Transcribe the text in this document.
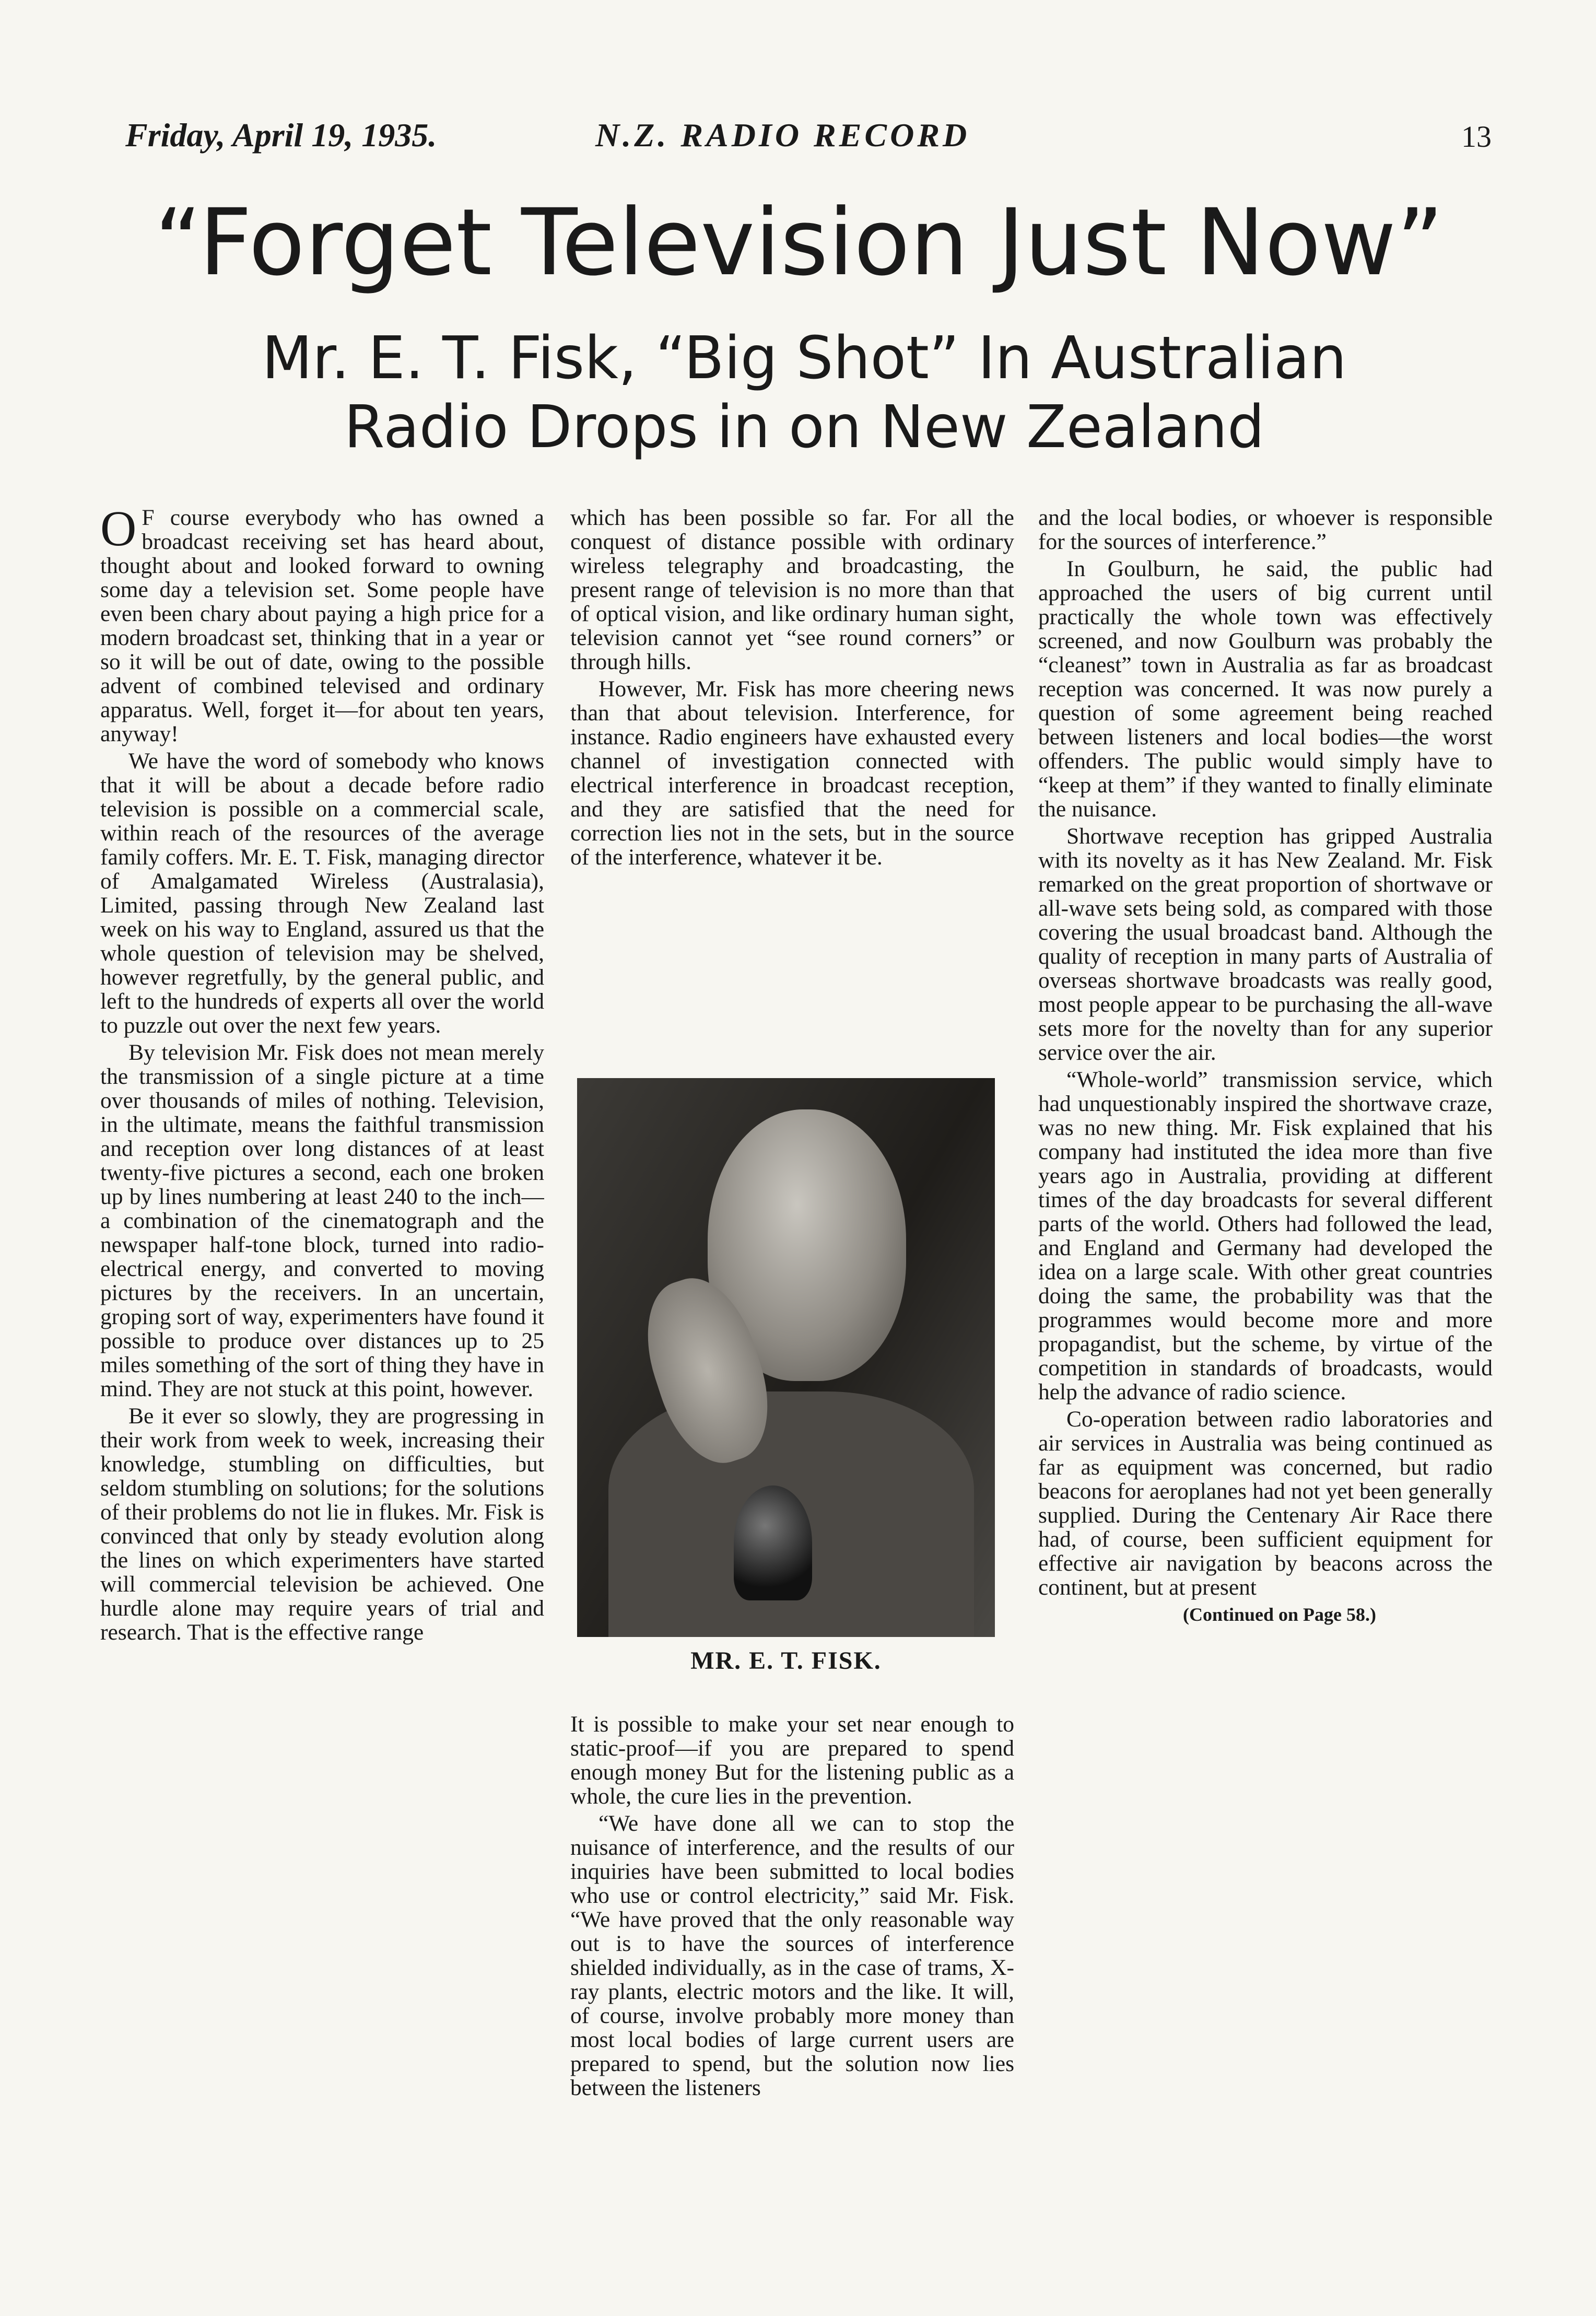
Friday, April 19, 1935.	N.Z. RADIO RECORD	13
“Forget Television Just Now”
Mr. E. T. Fisk, “Big Shot” In Australian
Radio Drops in on New Zealand

O F course everybody who has owned a broadcast receiving set has heard about, thought about and looked forward to owning some day a television set. Some people have even been chary about paying a high price for a modern broadcast set, thinking that in a year or so it will be out of date, owing to the possible advent of combined televised and ordinary apparatus. Well, forget it—for about ten years, anyway!

We have the word of somebody who knows that it will be about a decade before radio television is possible on a commercial scale, within reach of the resources of the average family coffers. Mr. E. T. Fisk, managing director of Amalgamated Wireless (Australasia), Limited, passing through New Zealand last week on his way to England, assured us that the whole question of television may be shelved, however regretfully, by the general public, and left to the hundreds of experts all over the world to puzzle out over the next few years.

By television Mr. Fisk does not mean merely the transmission of a single picture at a time over thousands of miles of nothing. Television, in the ultimate, means the faithful transmission and reception over long distances of at least twenty-five pictures a second, each one broken up by lines numbering at least 240 to the inch—a combination of the cinematograph and the newspaper half-tone block, turned into radio-electrical energy, and converted to moving pictures by the receivers. In an uncertain, groping sort of way, experimenters have found it possible to produce over distances up to 25 miles something of the sort of thing they have in mind. They are not stuck at this point, however.

Be it ever so slowly, they are progressing in their work from week to week, increasing their knowledge, stumbling on difficulties, but seldom stumbling on solutions; for the solutions of their problems do not lie in flukes. Mr. Fisk is convinced that only by steady evolution along the lines on which experimenters have started will commercial television be achieved. One hurdle alone may require years of trial and research. That is the effective range

which has been possible so far. For all the conquest of distance possible with ordinary wireless telegraphy and broadcasting, the present range of television is no more than that of optical vision, and like ordinary human sight, television cannot yet “see round corners” or through hills.

However, Mr. Fisk has more cheering news than that about television. Interference, for instance. Radio engineers have exhausted every channel of investigation connected with electrical interference in broadcast reception, and they are satisfied that the need for correction lies not in the sets, but in the source of the interference, whatever it be.

It is possible to make your set near enough to static-proof—if you are prepared to spend enough money But for the listening public as a whole, the cure lies in the prevention.

“We have done all we can to stop the nuisance of interference, and the results of our inquiries have been submitted to local bodies who use or control electricity,” said Mr. Fisk. “We have proved that the only reasonable way out is to have the sources of interference shielded individually, as in the case of trams, X-ray plants, electric motors and the like. It will, of course, involve probably more money than most local bodies of large current users are prepared to spend, but the solution now lies between the listeners

MR. E. T. FISK.

and the local bodies, or whoever is responsible for the sources of interference.”

In Goulburn, he said, the public had approached the users of big current until practically the whole town was effectively screened, and now Goulburn was probably the “cleanest” town in Australia as far as broadcast reception was concerned. It was now purely a question of some agreement being reached between listeners and local bodies—the worst offenders. The public would simply have to “keep at them” if they wanted to finally eliminate the nuisance.

Shortwave reception has gripped Australia with its novelty as it has New Zealand. Mr. Fisk remarked on the great proportion of shortwave or all-wave sets being sold, as compared with those covering the usual broadcast band. Although the quality of reception in many parts of Australia of overseas shortwave broadcasts was really good, most people appear to be purchasing the all-wave sets more for the novelty than for any superior service over the air.

“Whole-world” transmission service, which had unquestionably inspired the shortwave craze, was no new thing. Mr. Fisk explained that his company had instituted the idea more than five years ago in Australia, providing at different times of the day broadcasts for several different parts of the world. Others had followed the lead, and England and Germany had developed the idea on a large scale. With other great countries doing the same, the probability was that the programmes would become more and more propagandist, but the scheme, by virtue of the competition in standards of broadcasts, would help the advance of radio science.

Co-operation between radio laboratories and air services in Australia was being continued as far as equipment was concerned, but radio beacons for aeroplanes had not yet been generally supplied. During the Centenary Air Race there had, of course, been sufficient equipment for effective air navigation by beacons across the continent, but at present

(Continued on Page 58.)
